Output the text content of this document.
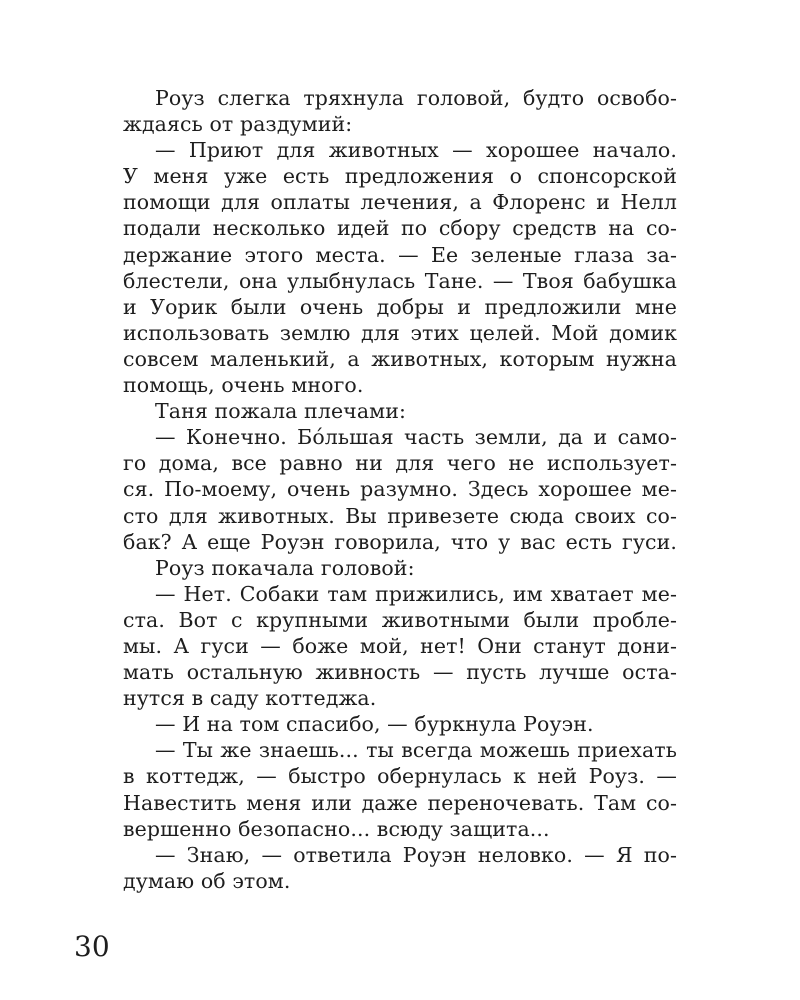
Роуз слегка тряхнула головой, будто освобо-
ждаясь от раздумий:
— Приют для животных — хорошее начало.
У меня уже есть предложения о спонсорской
помощи для оплаты лечения, а Флоренс и Нелл
подали несколько идей по сбору средств на со-
держание этого места. — Ее зеленые глаза за-
блестели, она улыбнулась Тане. — Твоя бабушка
и Уорик были очень добры и предложили мне
использовать землю для этих целей. Мой домик
совсем маленький, а животных, которым нужна
помощь, очень много.
Таня пожала плечами:
— Конечно. Бóльшая часть земли, да и само-
го дома, все равно ни для чего не использует-
ся. По-моему, очень разумно. Здесь хорошее ме-
сто для животных. Вы привезете сюда своих со-
бак? А еще Роуэн говорила, что у вас есть гуси.
Роуз покачала головой:
— Нет. Собаки там прижились, им хватает ме-
ста. Вот с крупными животными были пробле-
мы. А гуси — боже мой, нет! Они станут дони-
мать остальную живность — пусть лучше оста-
нутся в саду коттеджа.
— И на том спасибо, — буркнула Роуэн.
— Ты же знаешь... ты всегда можешь приехать
в коттедж, — быстро обернулась к ней Роуз. —
Навестить меня или даже переночевать. Там со-
вершенно безопасно... всюду защита...
— Знаю, — ответила Роуэн неловко. — Я по-
думаю об этом.
30
